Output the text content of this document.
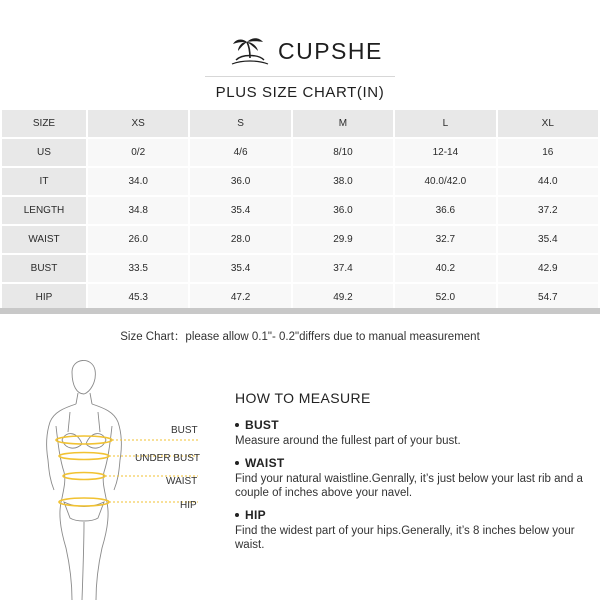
CUPSHE
PLUS SIZE CHART(IN)
SIZE	XS	S	M	L	XL
US	0/2	4/6	8/10	12-14	16
IT	34.0	36.0	38.0	40.0/42.0	44.0
LENGTH	34.8	35.4	36.0	36.6	37.2
WAIST	26.0	28.0	29.9	32.7	35.4
BUST	33.5	35.4	37.4	40.2	42.9
HIP	45.3	47.2	49.2	52.0	54.7
Size Chart：please allow 0.1"- 0.2"differs due to manual measurement
BUST
UNDER BUST
WAIST
HIP
HOW TO MEASURE
BUST
Measure around the fullest part of your bust.
WAIST
Find your natural waistline.Genrally, it’s just below your last rib and a couple of inches above your navel.
HIP
Find the widest part of your hips.Generally, it’s 8 inches below your waist.
